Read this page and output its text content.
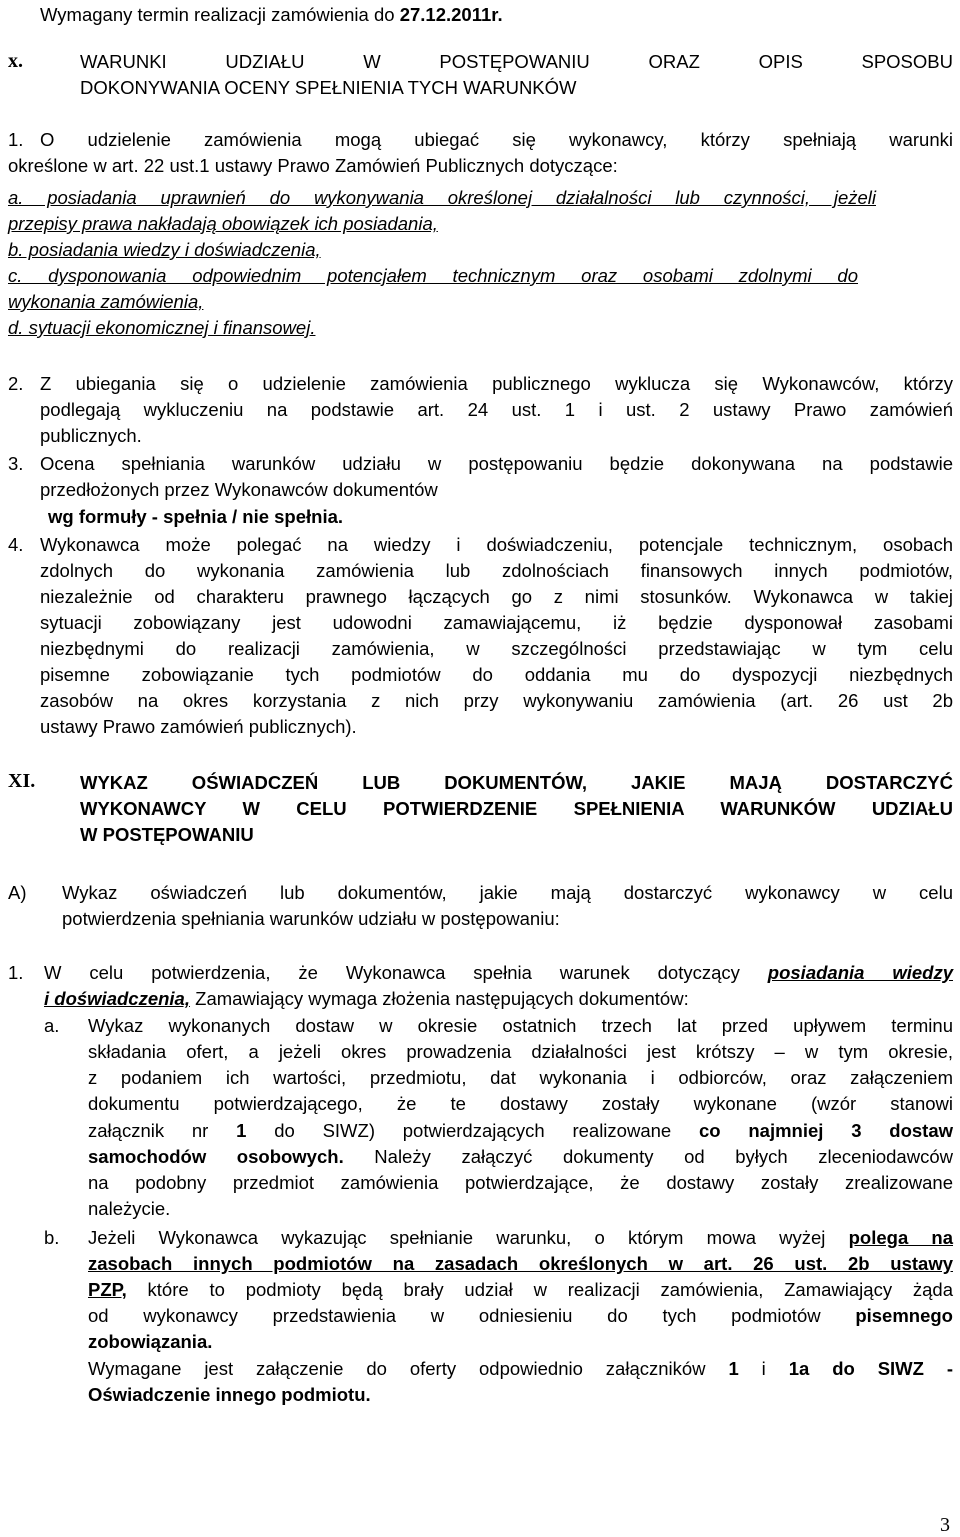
Wymagany termin realizacji zamówienia do 27.12.2011r.
x.	WARUNKI UDZIAŁU W POSTĘPOWANIU ORAZ OPIS SPOSOBU
DOKONYWANIA OCENY SPEŁNIENIA TYCH WARUNKÓW
1. O udzielenie zamówienia mogą ubiegać się wykonawcy, którzy spełniają warunki
określone w art. 22 ust.1 ustawy Prawo Zamówień Publicznych dotyczące:
a. posiadania uprawnień do wykonywania określonej działalności lub czynności, jeżeli
przepisy prawa nakładają obowiązek ich posiadania,
b. posiadania wiedzy i doświadczenia,
c. dysponowania odpowiednim potencjałem technicznym oraz osobami zdolnymi do
wykonania zamówienia,
d. sytuacji ekonomicznej i finansowej.
2. Z ubiegania się o udzielenie zamówienia publicznego wyklucza się Wykonawców, którzy
podlegają wykluczeniu na podstawie art. 24 ust. 1 i ust. 2 ustawy Prawo zamówień
publicznych.
3. Ocena spełniania warunków udziału w postępowaniu będzie dokonywana na podstawie
przedłożonych przez Wykonawców dokumentów
wg formuły - spełnia / nie spełnia.
4. Wykonawca może polegać na wiedzy i doświadczeniu, potencjale technicznym, osobach
zdolnych do wykonania zamówienia lub zdolnościach finansowych innych podmiotów,
niezależnie od charakteru prawnego łączących go z nimi stosunków. Wykonawca w takiej
sytuacji zobowiązany jest udowodni zamawiającemu, iż będzie dysponował zasobami
niezbędnymi do realizacji zamówienia, w szczególności przedstawiając w tym celu
pisemne zobowiązanie tych podmiotów do oddania mu do dyspozycji niezbędnych
zasobów na okres korzystania z nich przy wykonywaniu zamówienia (art. 26 ust 2b
ustawy Prawo zamówień publicznych).
XI. WYKAZ OŚWIADCZEŃ LUB DOKUMENTÓW, JAKIE MAJĄ DOSTARCZYĆ
WYKONAWCY W CELU POTWIERDZENIE SPEŁNIENIA WARUNKÓW UDZIAŁU
W POSTĘPOWANIU
A) Wykaz oświadczeń lub dokumentów, jakie mają dostarczyć wykonawcy w celu
potwierdzenia spełniania warunków udziału w postępowaniu:
1. W celu potwierdzenia, że Wykonawca spełnia warunek dotyczący posiadania wiedzy
i doświadczenia, Zamawiający wymaga złożenia następujących dokumentów:
a. Wykaz wykonanych dostaw w okresie ostatnich trzech lat przed upływem terminu
składania ofert, a jeżeli okres prowadzenia działalności jest krótszy – w tym okresie,
z podaniem ich wartości, przedmiotu, dat wykonania i odbiorców, oraz załączeniem
dokumentu potwierdzającego, że te dostawy zostały wykonane (wzór stanowi
załącznik nr 1 do SIWZ) potwierdzających realizowane co najmniej 3 dostaw
samochodów osobowych. Należy załączyć dokumenty od byłych zleceniodawców
na podobny przedmiot zamówienia potwierdzające, że dostawy zostały zrealizowane
należycie.
b. Jeżeli Wykonawca wykazując spełnianie warunku, o którym mowa wyżej polega na
zasobach innych podmiotów na zasadach określonych w art. 26 ust. 2b ustawy
PZP, które to podmioty będą brały udział w realizacji zamówienia, Zamawiający żąda
od wykonawcy przedstawienia w odniesieniu do tych podmiotów pisemnego
zobowiązania.
Wymagane jest załączenie do oferty odpowiednio załączników 1 i 1a do SIWZ -
Oświadczenie innego podmiotu.
3
